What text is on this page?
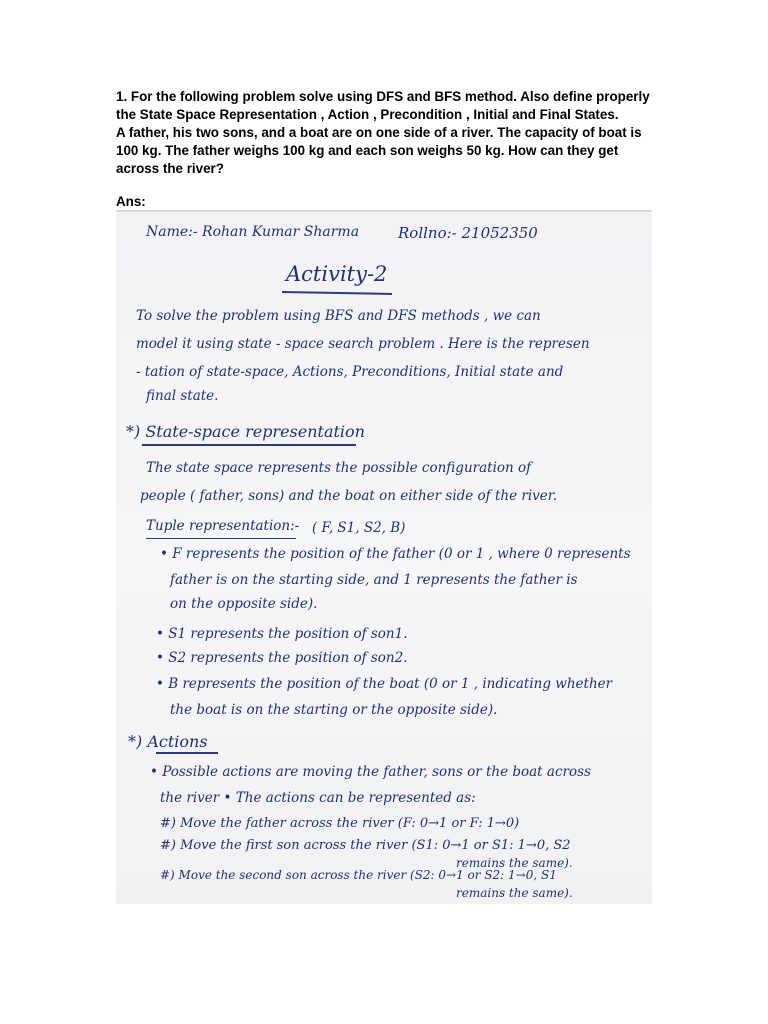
1. For the following problem solve using DFS and BFS method. Also define properly

the State Space Representation , Action , Precondition , Initial and Final States.

A father, his two sons, and a boat are on one side of a river. The capacity of boat is

100 kg. The father weighs 100 kg and each son weighs 50 kg. How can they get

across the river?

Ans:
Name:- Rohan Kumar Sharma	Rollno:- 21052350
Activity-2
To solve the problem using BFS and DFS methods , we can
model it using state - space search problem . Here is the represen
- tation of state-space, Actions, Preconditions, Initial state and
final state.
*) State-space representation
The state space represents the possible configuration of
people ( father, sons) and the boat on either side of the river.
Tuple representation:- ( F, S1, S2, B)
• F represents the position of the father (0 or 1 , where 0 represents
father is on the starting side, and 1 represents the father is
on the opposite side).
• S1 represents the position of son1.
• S2 represents the position of son2.
• B represents the position of the boat (0 or 1 , indicating whether
the boat is on the starting or the opposite side).
*) Actions
• Possible actions are moving the father, sons or the boat across
the river • The actions can be represented as:
#) Move the father across the river (F: 0→1 or F: 1→0)
#) Move the first son across the river (S1: 0→1 or S1: 1→0, S2
remains the same).
#) Move the second son across the river (S2: 0→1 or S2: 1→0, S1
remains the same).
